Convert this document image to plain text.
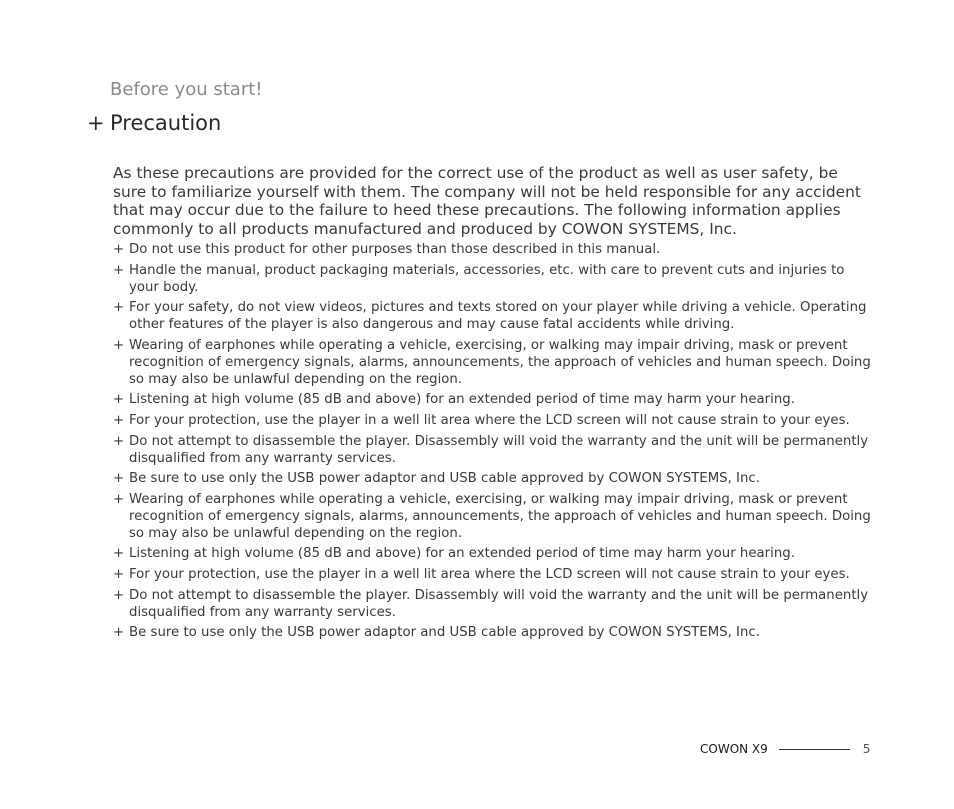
Before you start!
+ Precaution

As these precautions are provided for the correct use of the product as well as user safety, be sure to familiarize yourself with them. The company will not be held responsible for any accident that may occur due to the failure to heed these precautions. The following information applies commonly to all products manufactured and produced by COWON SYSTEMS, Inc.

+ Do not use this product for other purposes than those described in this manual.
+ Handle the manual, product packaging materials, accessories, etc. with care to prevent cuts and injuries to your body.
+ For your safety, do not view videos, pictures and texts stored on your player while driving a vehicle. Operating other features of the player is also dangerous and may cause fatal accidents while driving.
+ Wearing of earphones while operating a vehicle, exercising, or walking may impair driving, mask or prevent recognition of emergency signals, alarms, announcements, the approach of vehicles and human speech. Doing so may also be unlawful depending on the region.
+ Listening at high volume (85 dB and above) for an extended period of time may harm your hearing.
+ For your protection, use the player in a well lit area where the LCD screen will not cause strain to your eyes.
+ Do not attempt to disassemble the player. Disassembly will void the warranty and the unit will be permanently disqualified from any warranty services.
+ Be sure to use only the USB power adaptor and USB cable approved by COWON SYSTEMS, Inc.
+ Wearing of earphones while operating a vehicle, exercising, or walking may impair driving, mask or prevent recognition of emergency signals, alarms, announcements, the approach of vehicles and human speech. Doing so may also be unlawful depending on the region.
+ Listening at high volume (85 dB and above) for an extended period of time may harm your hearing.
+ For your protection, use the player in a well lit area where the LCD screen will not cause strain to your eyes.
+ Do not attempt to disassemble the player. Disassembly will void the warranty and the unit will be permanently disqualified from any warranty services.
+ Be sure to use only the USB power adaptor and USB cable approved by COWON SYSTEMS, Inc.
COWON X9	5
